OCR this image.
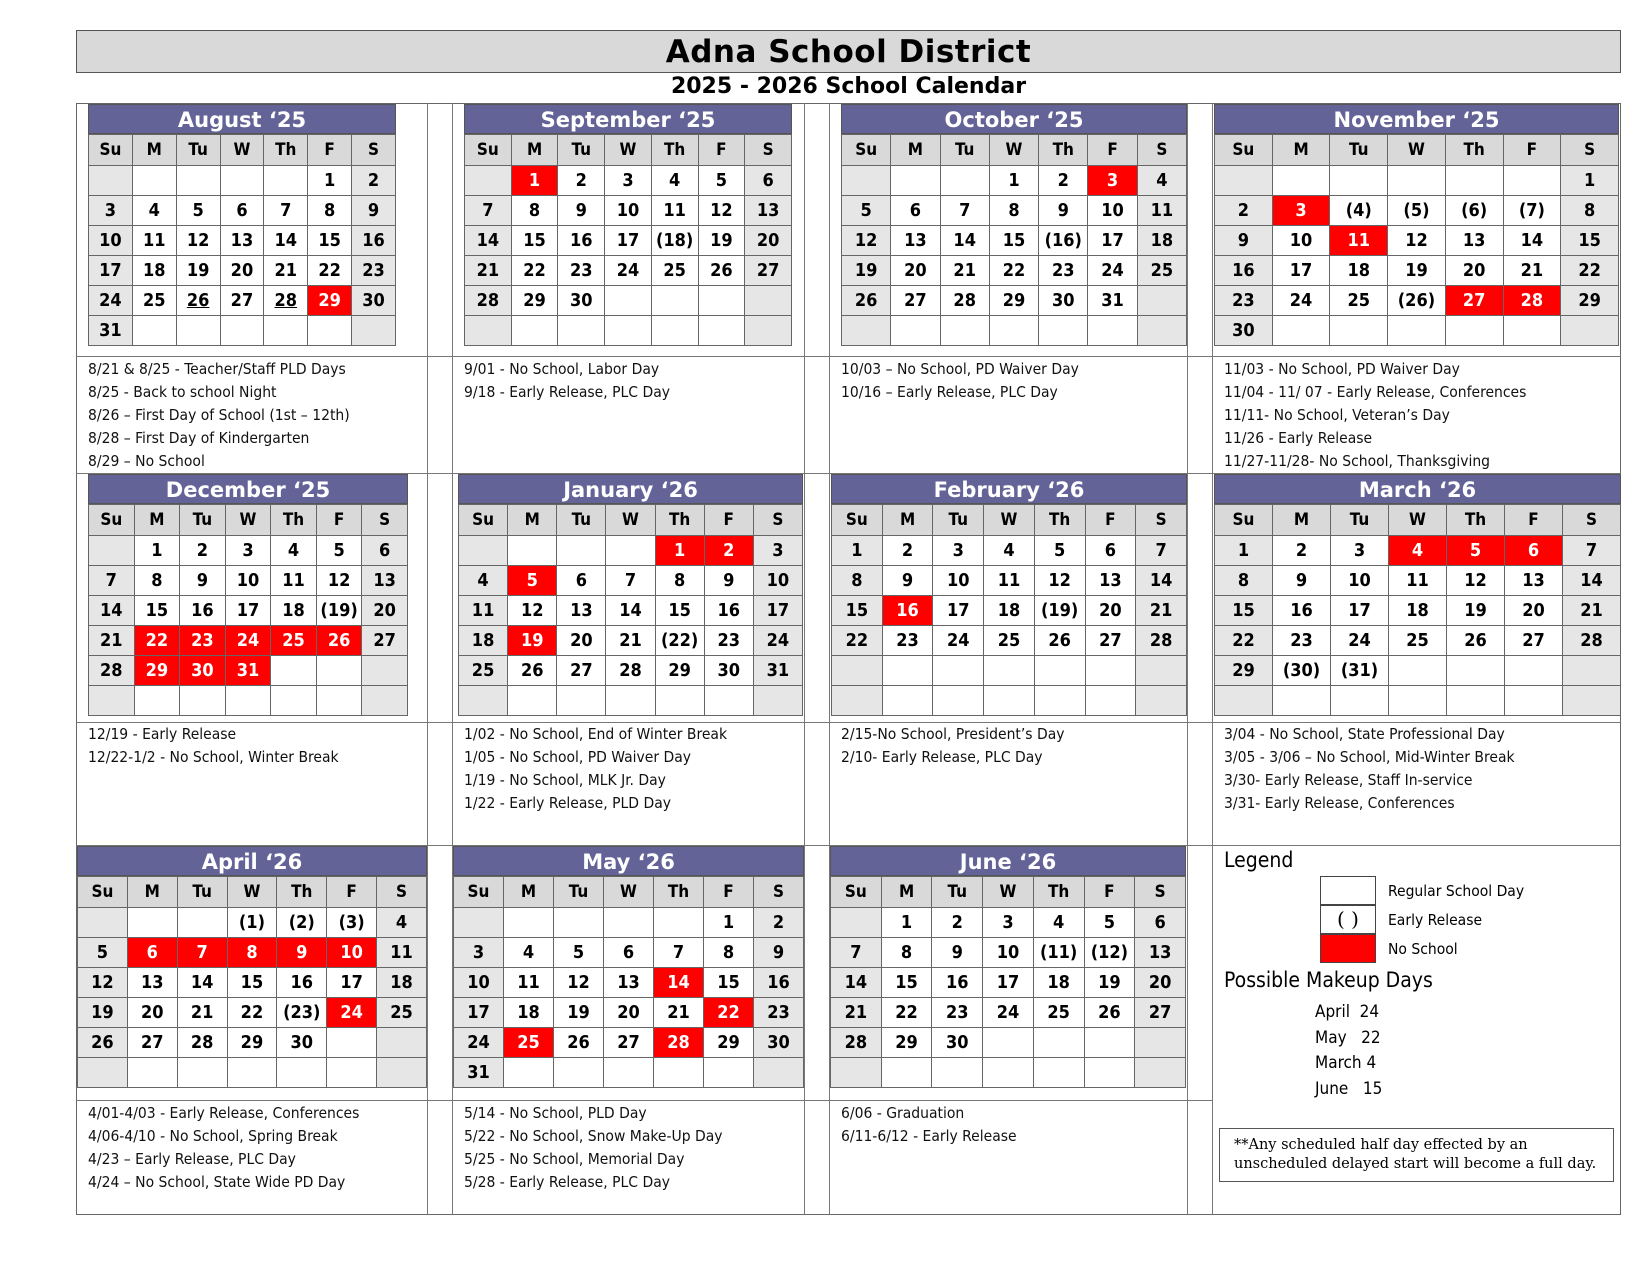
Adna School District
2025 - 2026 School Calendar
August ‘25
Su	M	Tu	W	Th	F	S
					1	2
3	4	5	6	7	8	9
10	11	12	13	14	15	16
17	18	19	20	21	22	23
24	25	26	27	28	29	30
31						
September ‘25
Su	M	Tu	W	Th	F	S
	1	2	3	4	5	6
7	8	9	10	11	12	13
14	15	16	17	(18)	19	20
21	22	23	24	25	26	27
28	29	30				

October ‘25
Su	M	Tu	W	Th	F	S
			1	2	3	4
5	6	7	8	9	10	11
12	13	14	15	(16)	17	18
19	20	21	22	23	24	25
26	27	28	29	30	31	

November ‘25
Su	M	Tu	W	Th	F	S
						1
2	3	(4)	(5)	(6)	(7)	8
9	10	11	12	13	14	15
16	17	18	19	20	21	22
23	24	25	(26)	27	28	29
30						
December ‘25
Su	M	Tu	W	Th	F	S
	1	2	3	4	5	6
7	8	9	10	11	12	13
14	15	16	17	18	(19)	20
21	22	23	24	25	26	27
28	29	30	31			

January ‘26
Su	M	Tu	W	Th	F	S
				1	2	3
4	5	6	7	8	9	10
11	12	13	14	15	16	17
18	19	20	21	(22)	23	24
25	26	27	28	29	30	31

February ‘26
Su	M	Tu	W	Th	F	S
1	2	3	4	5	6	7
8	9	10	11	12	13	14
15	16	17	18	(19)	20	21
22	23	24	25	26	27	28

March ‘26
Su	M	Tu	W	Th	F	S
1	2	3	4	5	6	7
8	9	10	11	12	13	14
15	16	17	18	19	20	21
22	23	24	25	26	27	28
29	(30)	(31)				

April ‘26
Su	M	Tu	W	Th	F	S
			(1)	(2)	(3)	4
5	6	7	8	9	10	11
12	13	14	15	16	17	18
19	20	21	22	(23)	24	25
26	27	28	29	30		

May ‘26
Su	M	Tu	W	Th	F	S
					1	2
3	4	5	6	7	8	9
10	11	12	13	14	15	16
17	18	19	20	21	22	23
24	25	26	27	28	29	30
31						
June ‘26
Su	M	Tu	W	Th	F	S
	1	2	3	4	5	6
7	8	9	10	(11)	(12)	13
14	15	16	17	18	19	20
21	22	23	24	25	26	27
28	29	30				

8/21 & 8/25 - Teacher/Staff PLD Days
8/25 - Back to school Night
8/26 – First Day of School (1st – 12th)
8/28 – First Day of Kindergarten
8/29 – No School
9/01 - No School, Labor Day
9/18 - Early Release, PLC Day
10/03 – No School, PD Waiver Day
10/16 – Early Release, PLC Day
11/03 - No School, PD Waiver Day
11/04 - 11/ 07 - Early Release, Conferences
11/11- No School, Veteran’s Day
11/26 - Early Release
11/27-11/28- No School, Thanksgiving
12/19 - Early Release
12/22-1/2 - No School, Winter Break
1/02 - No School, End of Winter Break
1/05 - No School, PD Waiver Day
1/19 - No School, MLK Jr. Day
1/22 - Early Release, PLD Day
2/15-No School, President’s Day
2/10- Early Release, PLC Day
3/04 - No School, State Professional Day
3/05 - 3/06 – No School, Mid-Winter Break
3/30- Early Release, Staff In-service
3/31- Early Release, Conferences
4/01-4/03 - Early Release, Conferences
4/06-4/10 - No School, Spring Break
4/23 – Early Release, PLC Day
4/24 – No School, State Wide PD Day
5/14 - No School, PLD Day
5/22 - No School, Snow Make-Up Day
5/25 - No School, Memorial Day
5/28 - Early Release, PLC Day
6/06 - Graduation
6/11-6/12 - Early Release
Legend
Regular School Day
( )	Early Release
No School
Possible Makeup Days
April  24
May   22
March 4
June   15
**Any scheduled half day effected by an unscheduled delayed start will become a full day.
